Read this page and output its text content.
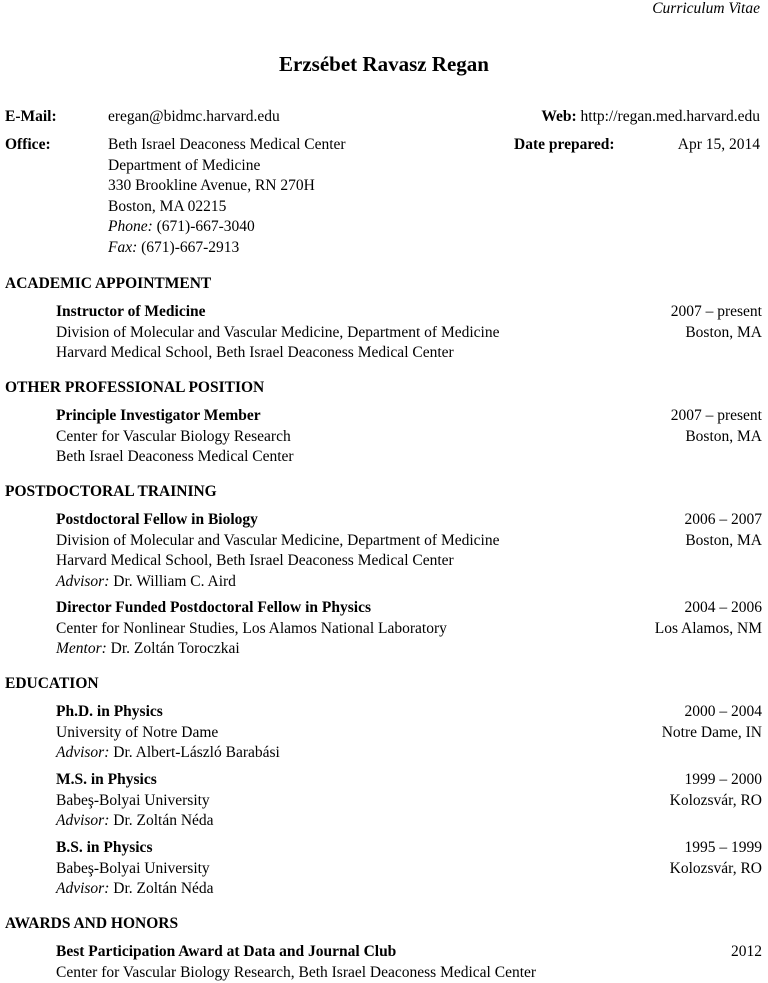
Curriculum Vitae
Erzsébet Ravasz Regan
E-Mail:	eregan@bidmc.harvard.edu	Web: http://regan.med.harvard.edu
Office:	Beth Israel Deaconess Medical Center
Department of Medicine
330 Brookline Avenue, RN 270H
Boston, MA 02215
Phone: (671)-667-3040
Fax: (671)-667-2913
Date prepared:	Apr 15, 2014
ACADEMIC APPOINTMENT
Instructor of Medicine	2007 – present
Division of Molecular and Vascular Medicine, Department of Medicine	Boston, MA
Harvard Medical School, Beth Israel Deaconess Medical Center
OTHER PROFESSIONAL POSITION
Principle Investigator Member	2007 – present
Center for Vascular Biology Research	Boston, MA
Beth Israel Deaconess Medical Center
POSTDOCTORAL TRAINING
Postdoctoral Fellow in Biology	2006 – 2007
Division of Molecular and Vascular Medicine, Department of Medicine	Boston, MA
Harvard Medical School, Beth Israel Deaconess Medical Center
Advisor: Dr. William C. Aird
Director Funded Postdoctoral Fellow in Physics	2004 – 2006
Center for Nonlinear Studies, Los Alamos National Laboratory	Los Alamos, NM
Mentor: Dr. Zoltán Toroczkai
EDUCATION
Ph.D. in Physics	2000 – 2004
University of Notre Dame	Notre Dame, IN
Advisor: Dr. Albert-László Barabási
M.S. in Physics	1999 – 2000
Babeş-Bolyai University	Kolozsvár, RO
Advisor: Dr. Zoltán Néda
B.S. in Physics	1995 – 1999
Babeş-Bolyai University	Kolozsvár, RO
Advisor: Dr. Zoltán Néda
AWARDS AND HONORS
Best Participation Award at Data and Journal Club	2012
Center for Vascular Biology Research, Beth Israel Deaconess Medical Center
